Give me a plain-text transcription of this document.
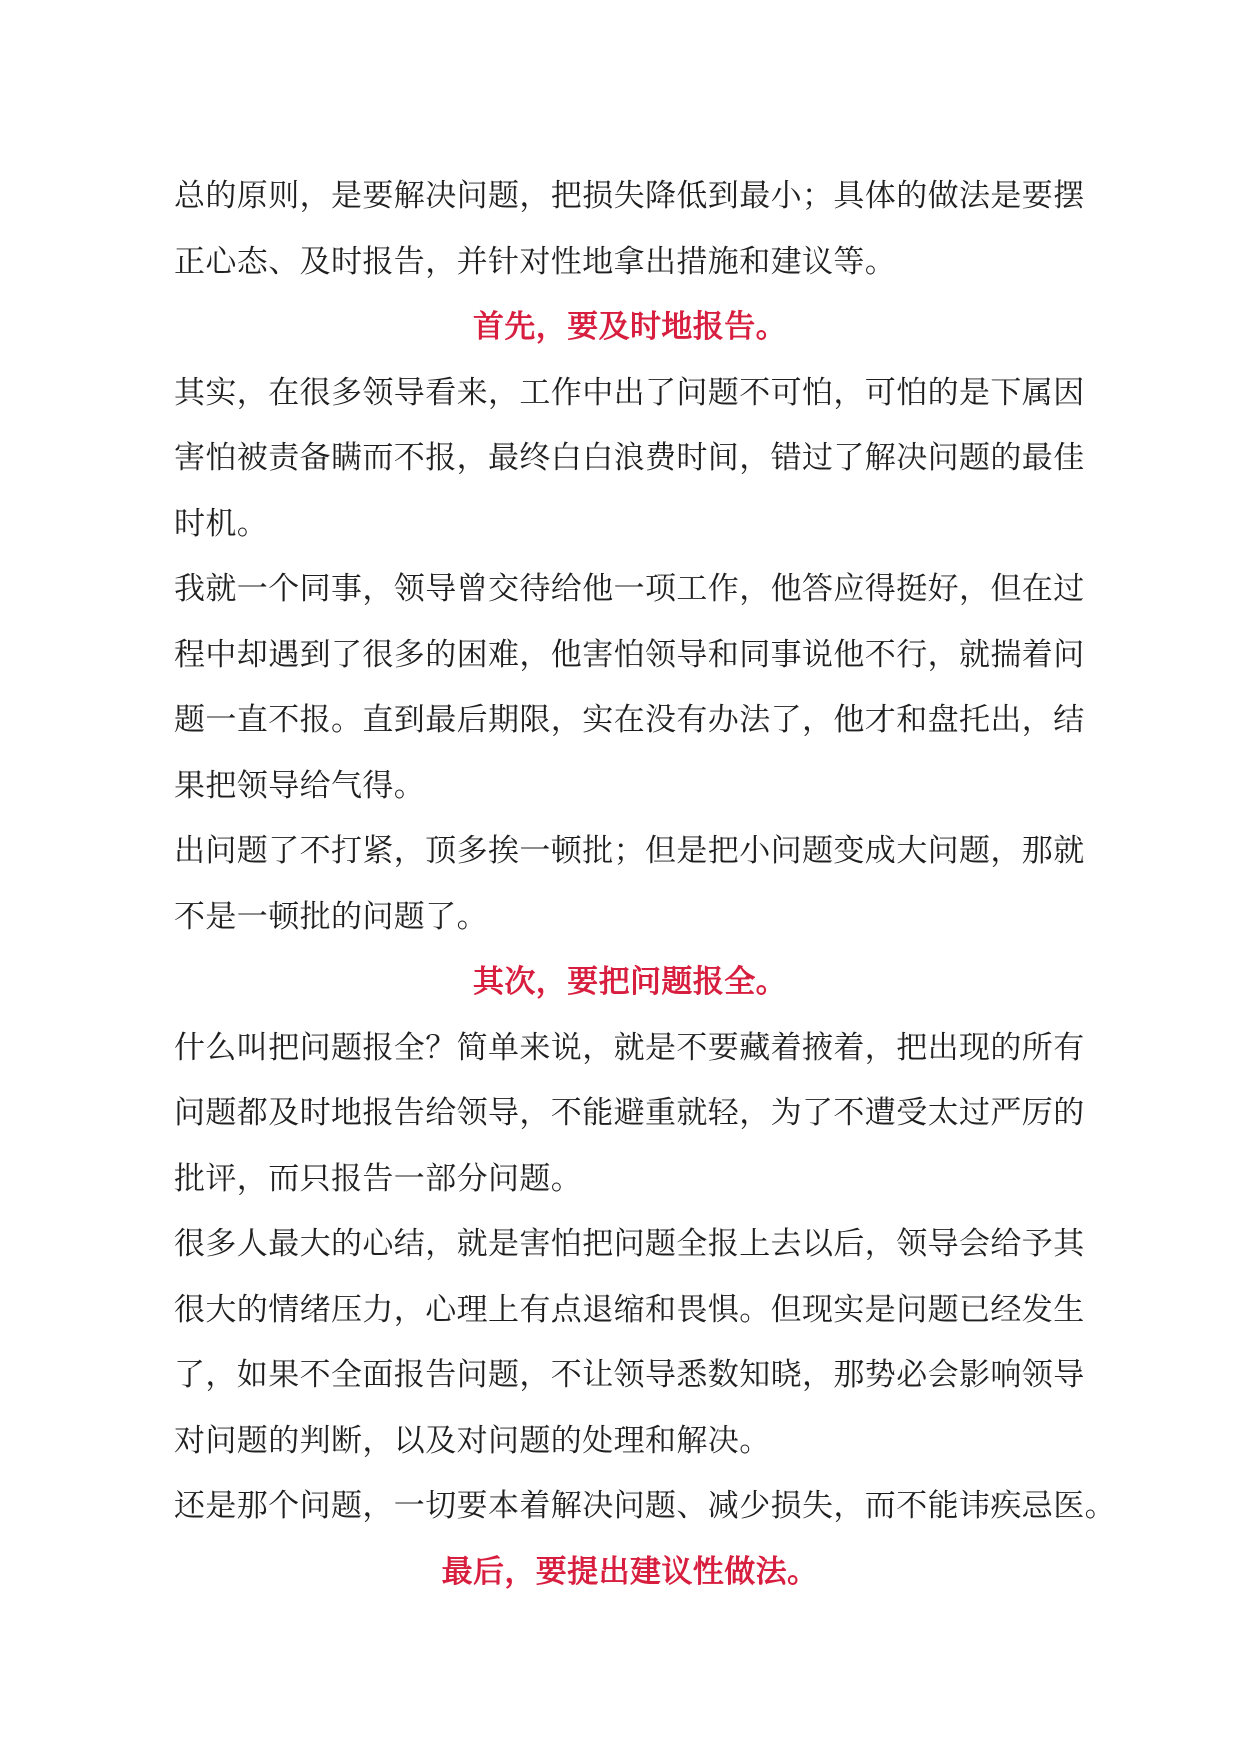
总的原则，是要解决问题，把损失降低到最小；具体的做法是要摆
正心态、及时报告，并针对性地拿出措施和建议等。
首先，要及时地报告。
其实，在很多领导看来，工作中出了问题不可怕，可怕的是下属因
害怕被责备瞒而不报，最终白白浪费时间，错过了解决问题的最佳
时机。
我就一个同事，领导曾交待给他一项工作，他答应得挺好，但在过
程中却遇到了很多的困难，他害怕领导和同事说他不行，就揣着问
题一直不报。直到最后期限，实在没有办法了，他才和盘托出，结
果把领导给气得。
出问题了不打紧，顶多挨一顿批；但是把小问题变成大问题，那就
不是一顿批的问题了。
其次，要把问题报全。
什么叫把问题报全？简单来说，就是不要藏着掖着，把出现的所有
问题都及时地报告给领导，不能避重就轻，为了不遭受太过严厉的
批评，而只报告一部分问题。
很多人最大的心结，就是害怕把问题全报上去以后，领导会给予其
很大的情绪压力，心理上有点退缩和畏惧。但现实是问题已经发生
了，如果不全面报告问题，不让领导悉数知晓，那势必会影响领导
对问题的判断，以及对问题的处理和解决。
还是那个问题，一切要本着解决问题、减少损失，而不能讳疾忌医。
最后，要提出建议性做法。
